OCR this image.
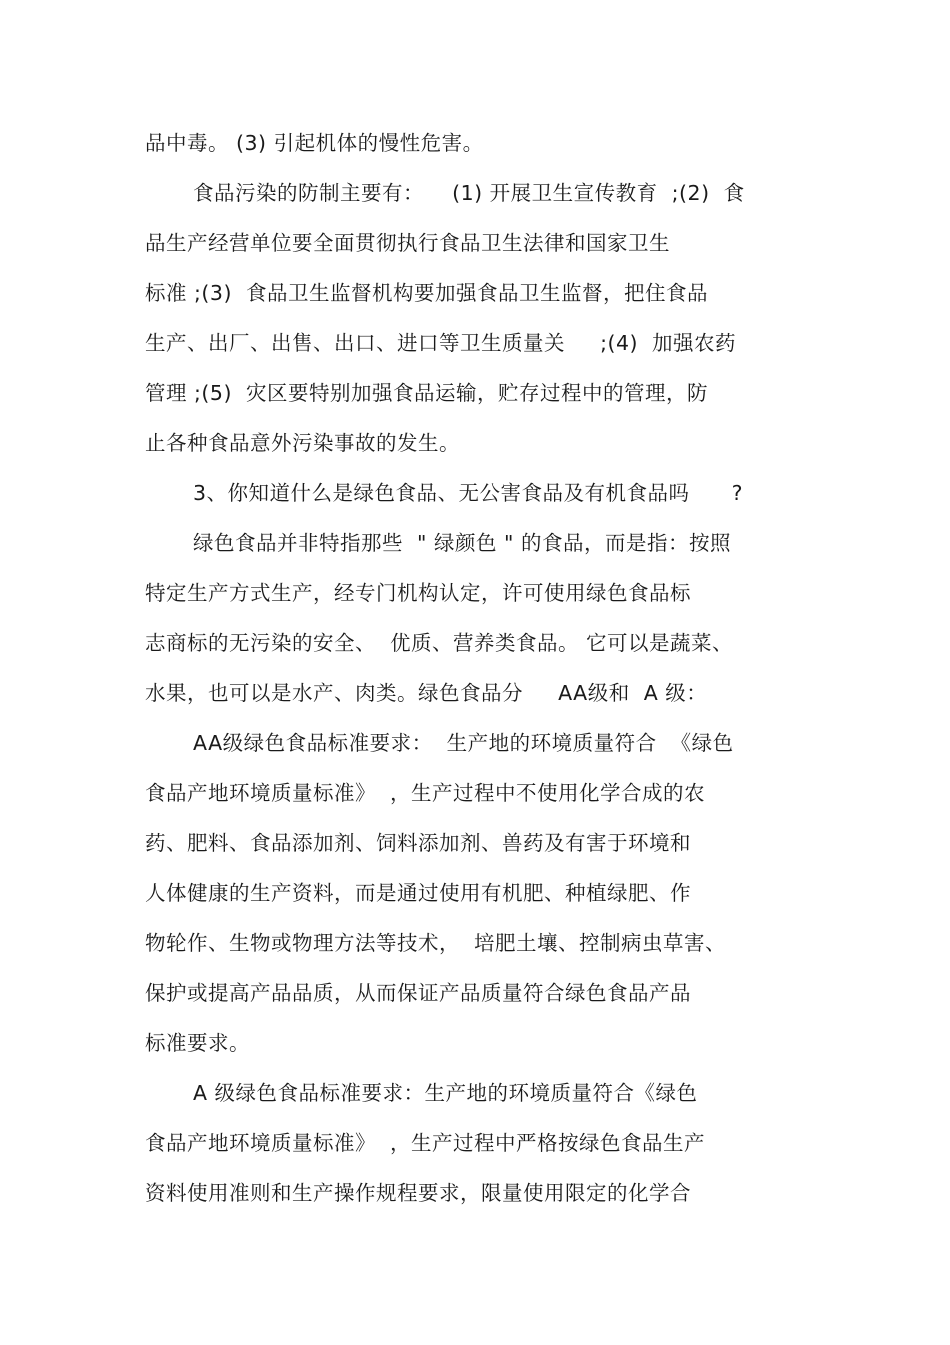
品中毒。 (3) 引起机体的慢性危害。
食品污染的防制主要有：    (1) 开展卫生宣传教育  ;(2)  食
品生产经营单位要全面贯彻执行食品卫生法律和国家卫生
标准 ;(3)  食品卫生监督机构要加强食品卫生监督，把住食品
生产、出厂、出售、出口、进口等卫生质量关     ;(4)  加强农药
管理 ;(5)  灾区要特别加强食品运输，贮存过程中的管理，防
止各种食品意外污染事故的发生。
3、你知道什么是绿色食品、无公害食品及有机食品吗      ?
绿色食品并非特指那些  " 绿颜色 " 的食品，而是指：按照
特定生产方式生产，经专门机构认定，许可使用绿色食品标
志商标的无污染的安全、  优质、营养类食品。 它可以是蔬菜、
水果，也可以是水产、肉类。绿色食品分     AA级和  A 级：
AA级绿色食品标准要求：  生产地的环境质量符合  《绿色
食品产地环境质量标准》  ，生产过程中不使用化学合成的农
药、肥料、食品添加剂、饲料添加剂、兽药及有害于环境和
人体健康的生产资料，而是通过使用有机肥、种植绿肥、作
物轮作、生物或物理方法等技术，  培肥土壤、控制病虫草害、
保护或提高产品品质，从而保证产品质量符合绿色食品产品
标准要求。
A 级绿色食品标准要求：生产地的环境质量符合《绿色
食品产地环境质量标准》  ，生产过程中严格按绿色食品生产
资料使用准则和生产操作规程要求，限量使用限定的化学合
